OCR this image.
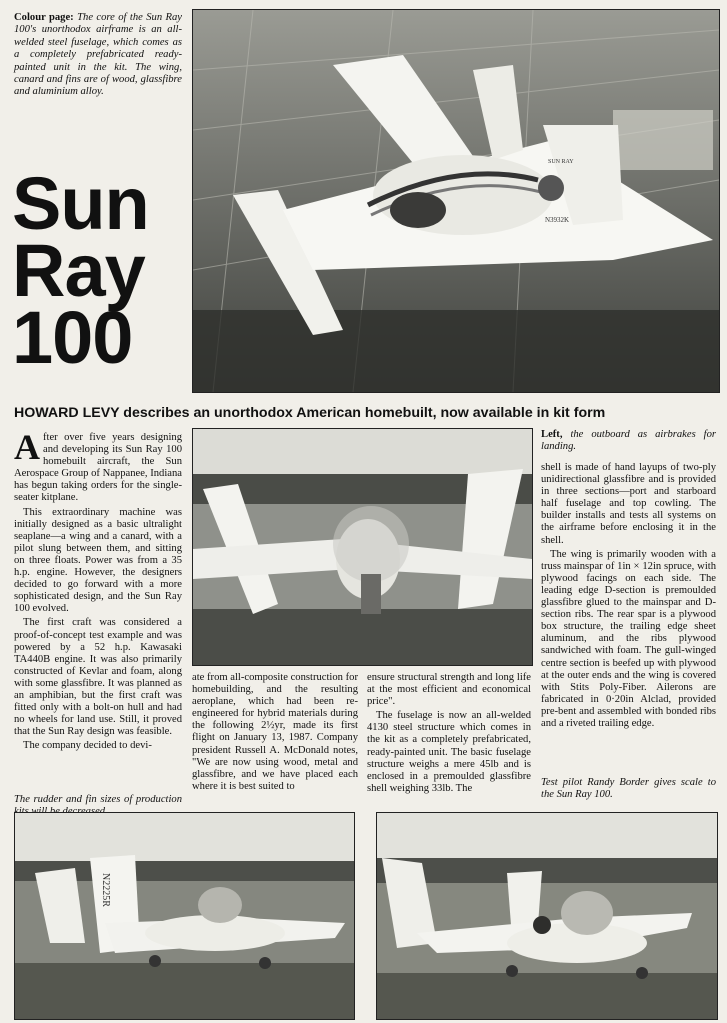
Colour page: The core of the Sun Ray 100's unorthodox airframe is an all-welded steel fuselage, which comes as a completely prefabricated ready-painted unit in the kit. The wing, canard and fins are of wood, glassfibre and aluminium alloy.
Sun
Ray
100
N3932K
SUN RAY
HOWARD LEVY describes an unorthodox American homebuilt, now available in kit form

After over five years designing and developing its Sun Ray 100 homebuilt aircraft, the Sun Aerospace Group of Nappanee, Indiana has begun taking orders for the single-seater kitplane.

This extraordinary machine was initially designed as a basic ultralight seaplane—a wing and a canard, with a pilot slung between them, and sitting on three floats. Power was from a 35 h.p. engine. However, the designers decided to go forward with a more sophisticated design, and the Sun Ray 100 evolved.

The first craft was considered a proof-of-concept test example and was powered by a 52 h.p. Kawasaki TA440B engine. It was also primarily constructed of Kevlar and foam, along with some glassfibre. It was planned as an amphibian, but the first craft was fitted only with a bolt-on hull and had no wheels for land use. Still, it proved that the Sun Ray design was feasible.

The company decided to devi-

The rudder and fin sizes of production

ate from all-composite construction for homebuilding, and the resulting aeroplane, which had been re-engineered for hybrid materials during the following 2½yr, made its first flight on January 13, 1987. Company president Russell A. McDonald notes, "We are now using wood, metal and glassfibre, and we have placed each where it is best suited to

ensure structural strength and long life at the most efficient and economical price".

The fuselage is now an all-welded 4130 steel structure which comes in the kit as a completely prefabricated, ready-painted unit. The basic fuselage structure weighs a mere 45lb and is enclosed in a premoulded glassfibre shell weighing 33lb. The

Left, the outboard as airbrakes for landing.

shell is made of hand layups of two-ply unidirectional glassfibre and is provided in three sections—port and starboard half fuselage and top cowling. The builder installs and tests all systems on the airframe before enclosing it in the shell.

The wing is primarily wooden with a truss mainspar of 1in × 12in spruce, with plywood facings on each side. The leading edge D-section is premoulded glassfibre glued to the mainspar and D-section ribs. The rear spar is a plywood box structure, the trailing edge sheet aluminum, and the ribs plywood sandwiched with foam. The gull-winged centre section is beefed up with plywood at the outer ends and the wing is covered with Stits Poly-Fiber. Ailerons are fabricated in 0·20in Alclad, provided pre-bent and assembled with bonded ribs and a riveted trailing edge.

Test pilot Randy Border gives scale to the Sun Ray 100.
N2225R
